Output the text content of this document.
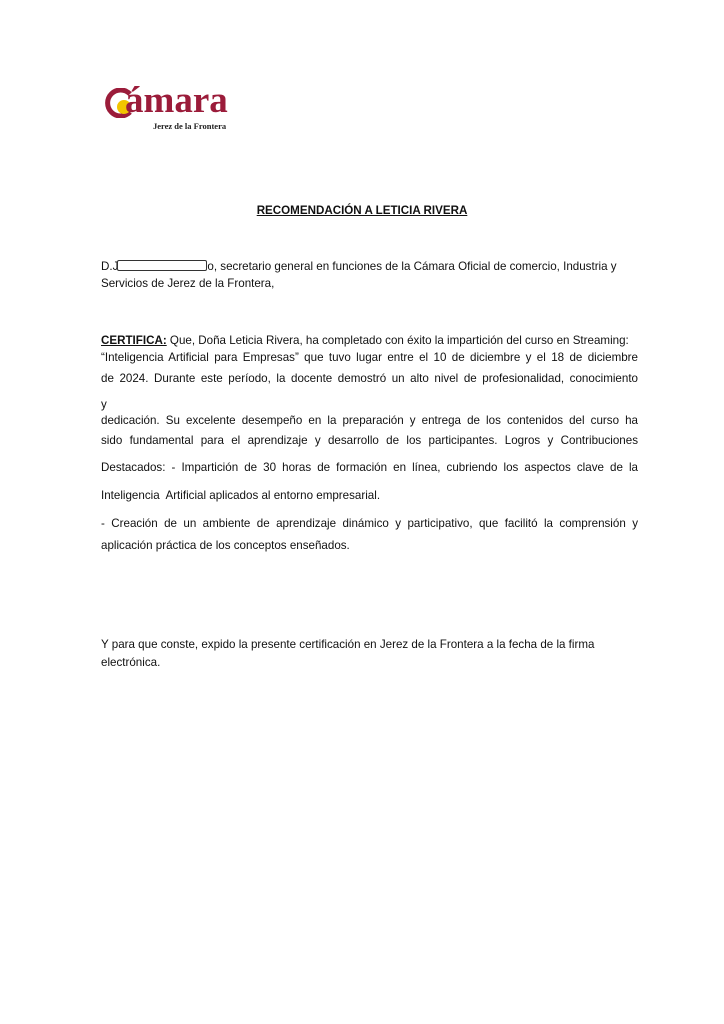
ámara
Jerez de la Frontera
RECOMENDACIÓN A LETICIA RIVERA
D.J	o, secretario general en funciones de la Cámara Oficial de comercio, Industria y
Servicios de Jerez de la Frontera,
CERTIFICA: Que, Doña Leticia Rivera, ha completado con éxito la impartición del curso en Streaming:
“Inteligencia Artificial para Empresas” que tuvo lugar entre el 10 de diciembre y el 18 de diciembre
de 2024. Durante este período, la docente demostró un alto nivel de profesionalidad, conocimiento
y
dedicación. Su excelente desempeño en la preparación y entrega de los contenidos del curso ha
sido fundamental para el aprendizaje y desarrollo de los participantes. Logros y Contribuciones
Destacados: - Impartición de 30 horas de formación en línea, cubriendo los aspectos clave de la
Inteligencia  Artificial aplicados al entorno empresarial.
- Creación de un ambiente de aprendizaje dinámico y participativo, que facilitó la comprensión y
aplicación práctica de los conceptos enseñados.
Y para que conste, expido la presente certificación en Jerez de la Frontera a la fecha de la firma
electrónica.
